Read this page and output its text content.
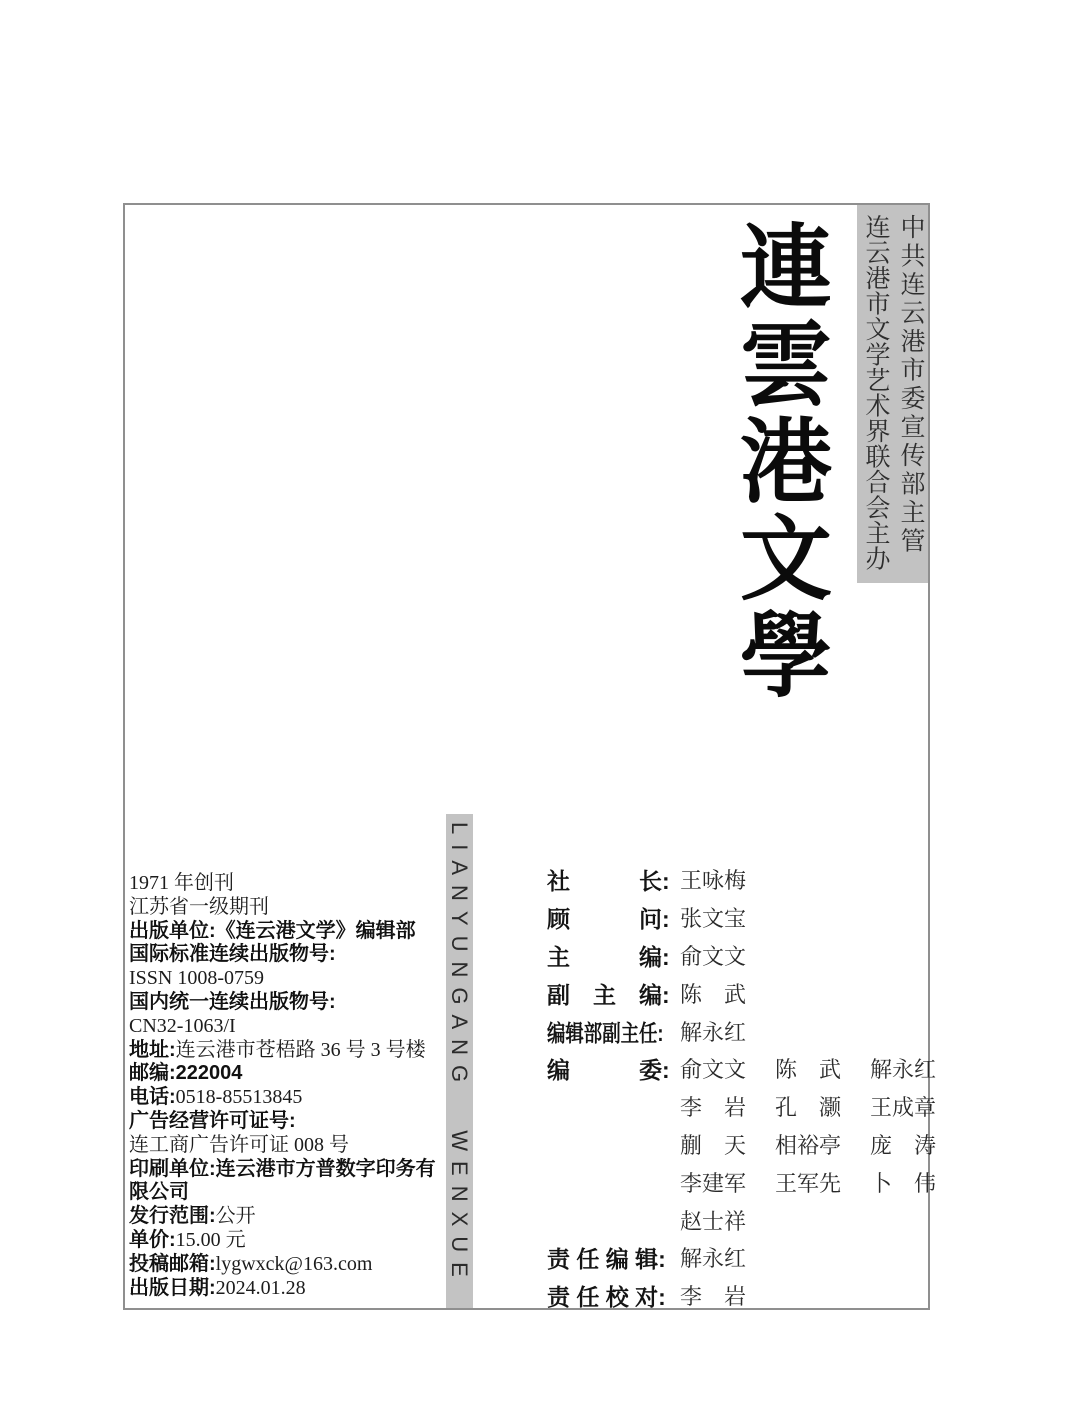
中共连云港市委宣传部主管
连云港市文学艺术界联合会主办
連雲港文學
LIANYUNGANG WENXUE
1971 年创刊
江苏省一级期刊
出版单位:《连云港文学》编辑部
国际标准连续出版物号:
ISSN 1008-0759
国内统一连续出版物号:
CN32-1063/I
地址:连云港市苍梧路 36 号 3 号楼
邮编:222004
电话:0518-85513845
广告经营许可证号:
连工商广告许可证 008 号
印刷单位:连云港市方普数字印务有
限公司
发行范围:公开
单价:15.00 元
投稿邮箱:lygwxck@163.com
出版日期:2024.01.28
社　　　长: 王咏梅
顾　　　问: 张文宝
主　　　编: 俞文文
副　主　编: 陈　武
编辑部副主任: 解永红
编　　　委: 俞文文 陈　武 解永红
李　岩 孔　灏 王成章
蒯　天 相裕亭 庞　涛
李建军 王军先 卜　伟
赵士祥
责 任 编 辑: 解永红
责 任 校 对: 李　岩
